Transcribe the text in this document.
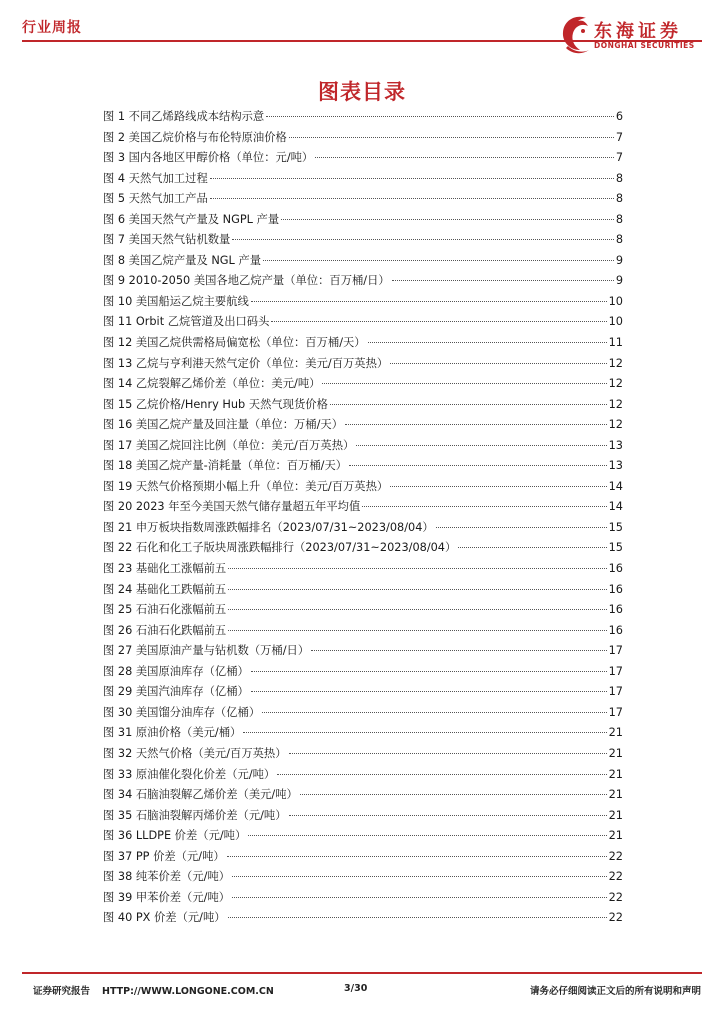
行业周报	东海证券
DONGHAI SECURITIES
图表目录
图 1 不同乙烯路线成本结构示意	6
图 2 美国乙烷价格与布伦特原油价格	7
图 3 国内各地区甲醇价格（单位：元/吨）	7
图 4 天然气加工过程	8
图 5 天然气加工产品	8
图 6 美国天然气产量及 NGPL 产量	8
图 7 美国天然气钻机数量	8
图 8 美国乙烷产量及 NGL 产量	9
图 9 2010-2050 美国各地乙烷产量（单位：百万桶/日）	9
图 10 美国船运乙烷主要航线	10
图 11 Orbit 乙烷管道及出口码头	10
图 12 美国乙烷供需格局偏宽松（单位：百万桶/天）	11
图 13 乙烷与亨利港天然气定价（单位：美元/百万英热）	12
图 14 乙烷裂解乙烯价差（单位：美元/吨）	12
图 15 乙烷价格/Henry Hub 天然气现货价格	12
图 16 美国乙烷产量及回注量（单位：万桶/天）	12
图 17 美国乙烷回注比例（单位：美元/百万英热）	13
图 18 美国乙烷产量-消耗量（单位：百万桶/天）	13
图 19 天然气价格预期小幅上升（单位：美元/百万英热）	14
图 20 2023 年至今美国天然气储存量超五年平均值	14
图 21 申万板块指数周涨跌幅排名（2023/07/31~2023/08/04）	15
图 22 石化和化工子版块周涨跌幅排行（2023/07/31~2023/08/04）	15
图 23 基础化工涨幅前五	16
图 24 基础化工跌幅前五	16
图 25 石油石化涨幅前五	16
图 26 石油石化跌幅前五	16
图 27 美国原油产量与钻机数（万桶/日）	17
图 28 美国原油库存（亿桶）	17
图 29 美国汽油库存（亿桶）	17
图 30 美国馏分油库存（亿桶）	17
图 31 原油价格（美元/桶）	21
图 32 天然气价格（美元/百万英热）	21
图 33 原油催化裂化价差（元/吨）	21
图 34 石脑油裂解乙烯价差（美元/吨）	21
图 35 石脑油裂解丙烯价差（元/吨）	21
图 36 LLDPE 价差（元/吨）	21
图 37 PP 价差（元/吨）	22
图 38 纯苯价差（元/吨）	22
图 39 甲苯价差（元/吨）	22
图 40 PX 价差（元/吨）	22
证券研究报告 HTTP://WWW.LONGONE.COM.CN	3/30	请务必仔细阅读正文后的所有说明和声明
